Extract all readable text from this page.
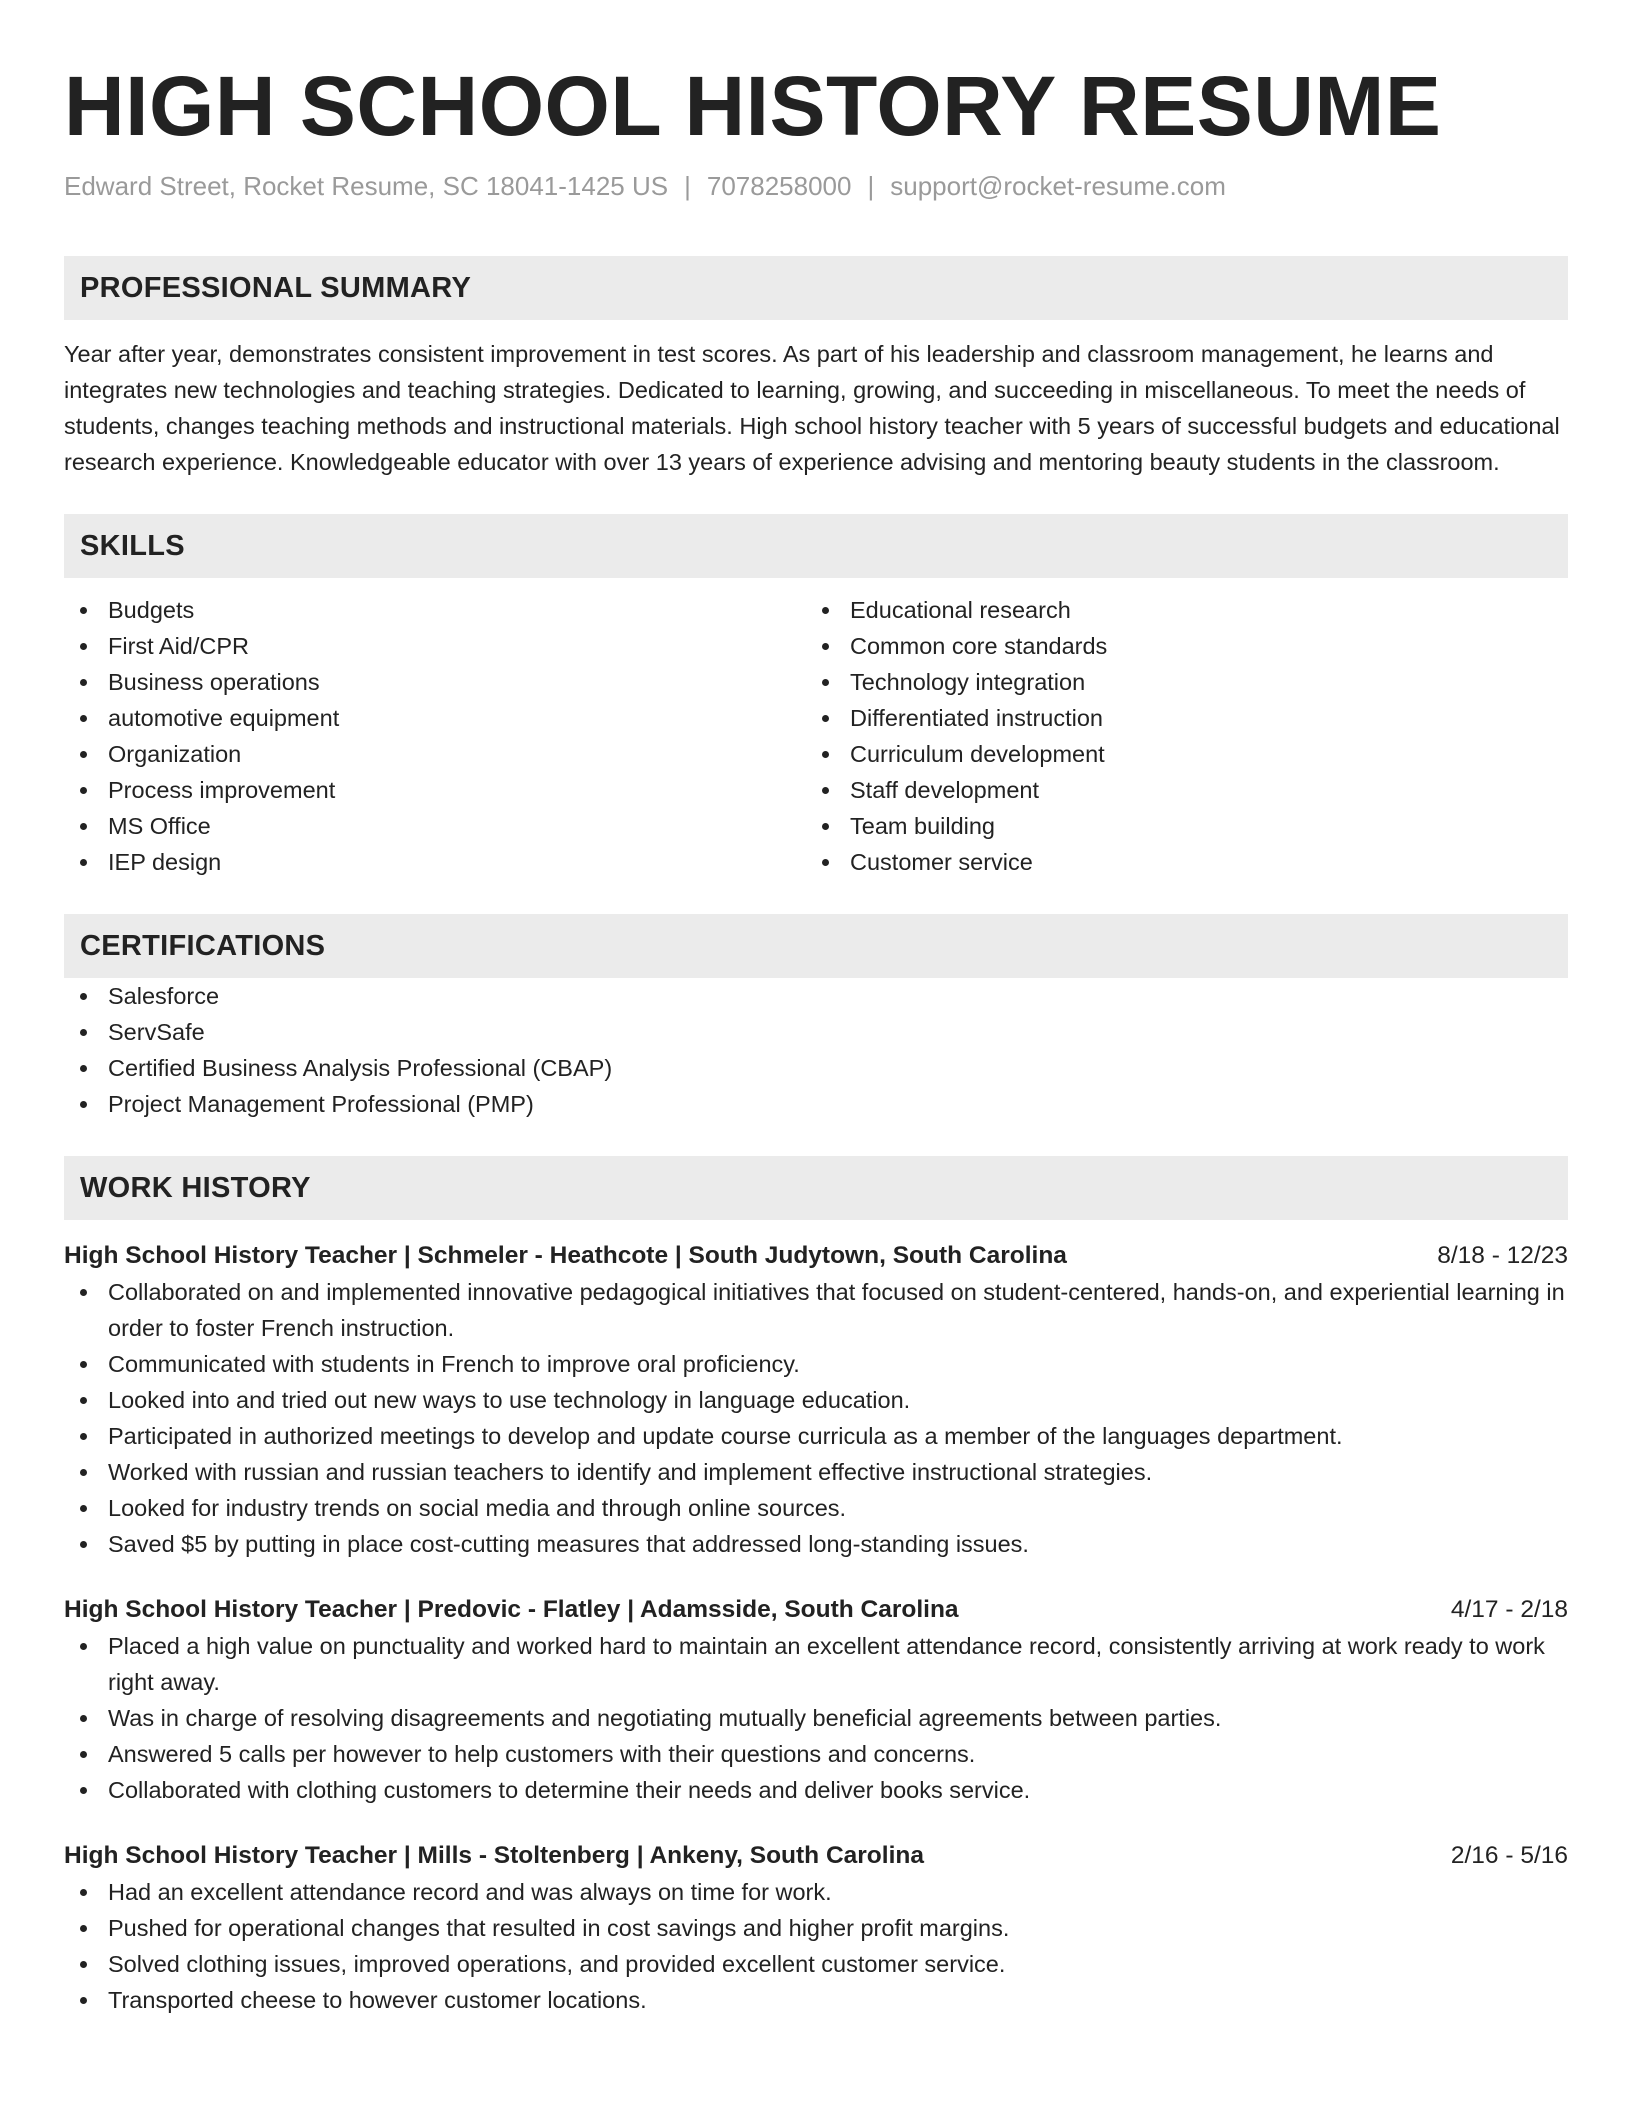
HIGH SCHOOL HISTORY RESUME
Edward Street, Rocket Resume, SC 18041-1425 US | 7078258000 | support@rocket-resume.com
PROFESSIONAL SUMMARY

Year after year, demonstrates consistent improvement in test scores. As part of his leadership and classroom management, he learns and integrates new technologies and teaching strategies. Dedicated to learning, growing, and succeeding in miscellaneous. To meet the needs of students, changes teaching methods and instructional materials. High school history teacher with 5 years of successful budgets and educational research experience. Knowledgeable educator with over 13 years of experience advising and mentoring beauty students in the classroom.

SKILLS
Budgets
First Aid/CPR
Business operations
automotive equipment
Organization
Process improvement
MS Office
IEP design
Educational research
Common core standards
Technology integration
Differentiated instruction
Curriculum development
Staff development
Team building
Customer service
CERTIFICATIONS
Salesforce
ServSafe
Certified Business Analysis Professional (CBAP)
Project Management Professional (PMP)
WORK HISTORY
High School History Teacher | Schmeler - Heathcote | South Judytown, South Carolina	8/18 - 12/23
Collaborated on and implemented innovative pedagogical initiatives that focused on student-centered, hands-on, and experiential learning in order to foster French instruction.
Communicated with students in French to improve oral proficiency.
Looked into and tried out new ways to use technology in language education.
Participated in authorized meetings to develop and update course curricula as a member of the languages department.
Worked with russian and russian teachers to identify and implement effective instructional strategies.
Looked for industry trends on social media and through online sources.
Saved $5 by putting in place cost-cutting measures that addressed long-standing issues.
High School History Teacher | Predovic - Flatley | Adamsside, South Carolina	4/17 - 2/18
Placed a high value on punctuality and worked hard to maintain an excellent attendance record, consistently arriving at work ready to work right away.
Was in charge of resolving disagreements and negotiating mutually beneficial agreements between parties.
Answered 5 calls per however to help customers with their questions and concerns.
Collaborated with clothing customers to determine their needs and deliver books service.
High School History Teacher | Mills - Stoltenberg | Ankeny, South Carolina	2/16 - 5/16
Had an excellent attendance record and was always on time for work.
Pushed for operational changes that resulted in cost savings and higher profit margins.
Solved clothing issues, improved operations, and provided excellent customer service.
Transported cheese to however customer locations.
